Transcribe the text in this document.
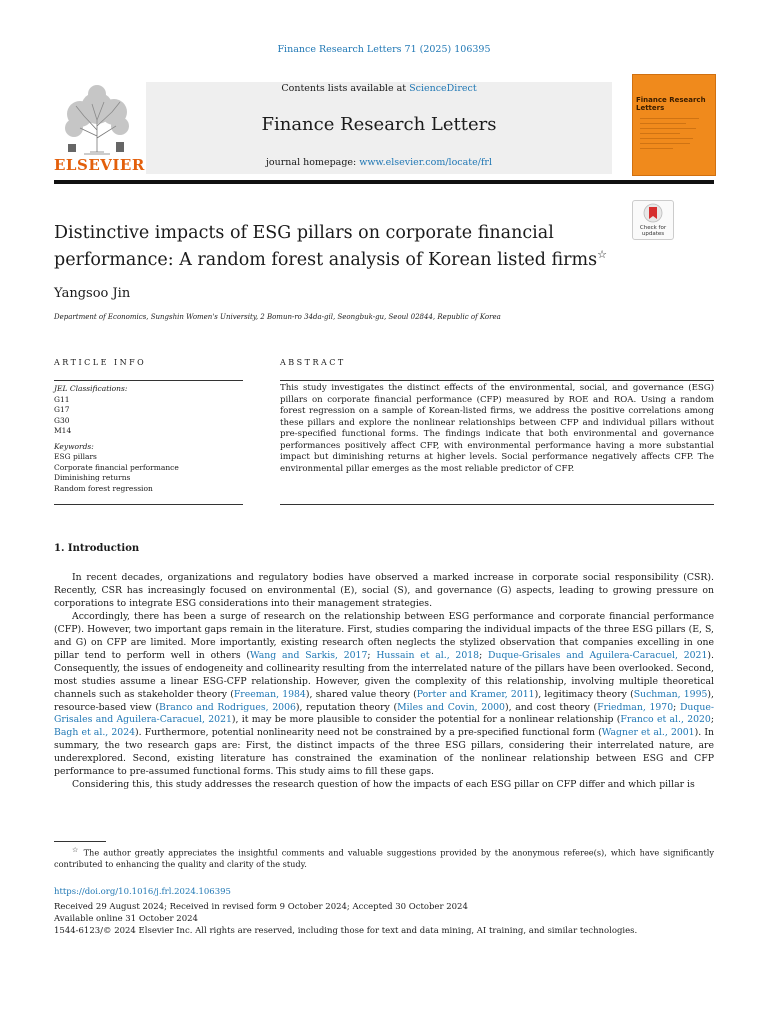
Finance Research Letters 71 (2025) 106395
ELSEVIER
Contents lists available at ScienceDirect
Finance Research Letters
journal homepage: www.elsevier.com/locate/frl
Finance Research Letters
Check for updates
Distinctive impacts of ESG pillars on corporate financial
performance: A random forest analysis of Korean listed firms☆
Yangsoo Jin
Department of Economics, Sungshin Women's University, 2 Bomun-ro 34da-gil, Seongbuk-gu, Seoul 02844, Republic of Korea
ARTICLE INFO
JEL Classifications:
G11
G17
G30
M14
Keywords:
ESG pillars
Corporate financial performance
Diminishing returns
Random forest regression
ABSTRACT
This study investigates the distinct effects of the environmental, social, and governance (ESG) pillars on corporate financial performance (CFP) measured by ROE and ROA. Using a random forest regression on a sample of Korean-listed firms, we address the positive correlations among these pillars and explore the nonlinear relationships between CFP and individual pillars without pre-specified functional forms. The findings indicate that both environmental and governance performances positively affect CFP, with environmental performance having a more substantial impact but diminishing returns at higher levels. Social performance negatively affects CFP. The environmental pillar emerges as the most reliable predictor of CFP.
1. Introduction

In recent decades, organizations and regulatory bodies have observed a marked increase in corporate social responsibility (CSR). Recently, CSR has increasingly focused on environmental (E), social (S), and governance (G) aspects, leading to growing pressure on corporations to integrate ESG considerations into their management strategies.

Accordingly, there has been a surge of research on the relationship between ESG performance and corporate financial performance (CFP). However, two important gaps remain in the literature. First, studies comparing the individual impacts of the three ESG pillars (E, S, and G) on CFP are limited. More importantly, existing research often neglects the stylized observation that companies excelling in one pillar tend to perform well in others (Wang and Sarkis, 2017; Hussain et al., 2018; Duque-Grisales and Aguilera-Caracuel, 2021). Consequently, the issues of endogeneity and collinearity resulting from the interrelated nature of the pillars have been overlooked. Second, most studies assume a linear ESG-CFP relationship. However, given the complexity of this relationship, involving multiple theoretical channels such as stakeholder theory (Freeman, 1984), shared value theory (Porter and Kramer, 2011), legitimacy theory (Suchman, 1995), resource-based view (Branco and Rodrigues, 2006), reputation theory (Miles and Covin, 2000), and cost theory (Friedman, 1970; Duque-Grisales and Aguilera-Caracuel, 2021), it may be more plausible to consider the potential for a nonlinear relationship (Franco et al., 2020; Bagh et al., 2024). Furthermore, potential nonlinearity need not be constrained by a pre-specified functional form (Wagner et al., 2001). In summary, the two research gaps are: First, the distinct impacts of the three ESG pillars, considering their interrelated nature, are underexplored. Second, existing literature has constrained the examination of the nonlinear relationship between ESG and CFP performance to pre-assumed functional forms. This study aims to fill these gaps.

Considering this, this study addresses the research question of how the impacts of each ESG pillar on CFP differ and which pillar is

☆ The author greatly appreciates the insightful comments and valuable suggestions provided by the anonymous referee(s), which have significantly contributed to enhancing the quality and clarity of the study.
https://doi.org/10.1016/j.frl.2024.106395
Received 29 August 2024; Received in revised form 9 October 2024; Accepted 30 October 2024
Available online 31 October 2024
1544-6123/© 2024 Elsevier Inc. All rights are reserved, including those for text and data mining, AI training, and similar technologies.
